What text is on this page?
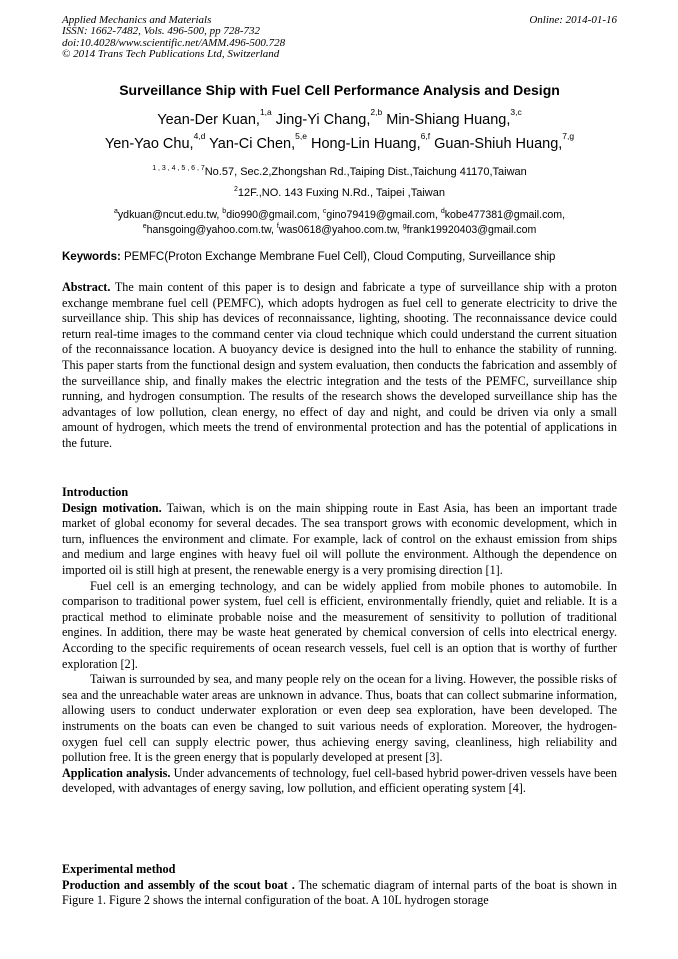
Applied Mechanics and Materials
ISSN: 1662-7482, Vols. 496-500, pp 728-732
doi:10.4028/www.scientific.net/AMM.496-500.728
© 2014 Trans Tech Publications Ltd, Switzerland
Online: 2014-01-16
Surveillance Ship with Fuel Cell Performance Analysis and Design
Yean-Der Kuan,$^{1,a}$ Jing-Yi Chang,$^{2,b}$ Min-Shiang Huang,$^{3,c}$
Yen-Yao Chu,$^{4,d}$ Yan-Ci Chen,$^{5,e}$ Hong-Lin Huang,$^{6,f}$ Guan-Shiuh Huang,$^{7,g}$
$^{1 , 3 , 4 , 5 , 6 , 7}$No.57, Sec.2,Zhongshan Rd.,Taiping Dist.,Taichung 41170,Taiwan
$^2$12F.,NO. 143 Fuxing N.Rd., Taipei ,Taiwan
$^a$ydkuan@ncut.edu.tw, $^b$dio990@gmail.com, $^c$gino79419@gmail.com, $^d$kobe477381@gmail.com,
$^e$hansgoing@yahoo.com.tw, $^f$was0618@yahoo.com.tw, $^g$frank19920403@gmail.com
Keywords: PEMFC(Proton Exchange Membrane Fuel Cell), Cloud Computing, Surveillance ship

Abstract. The main content of this paper is to design and fabricate a type of surveillance ship with a proton exchange membrane fuel cell (PEMFC), which adopts hydrogen as fuel cell to generate electricity to drive the surveillance ship. This ship has devices of reconnaissance, lighting, shooting. The reconnaissance device could return real-time images to the command center via cloud technique which could understand the current situation of the reconnaissance location. A buoyancy device is designed into the hull to enhance the stability of running. This paper starts from the functional design and system evaluation, then conducts the fabrication and assembly of the surveillance ship, and finally makes the electric integration and the tests of the PEMFC, surveillance ship running, and hydrogen consumption. The results of the research shows the developed surveillance ship has the advantages of low pollution, clean energy, no effect of day and night, and could be driven via only a small amount of hydrogen, which meets the trend of environmental protection and has the potential of applications in the future.

Introduction

Design motivation. Taiwan, which is on the main shipping route in East Asia, has been an important trade market of global economy for several decades. The sea transport grows with economic development, which in turn, influences the environment and climate. For example, lack of control on the exhaust emission from ships and medium and large engines with heavy fuel oil will pollute the environment. Although the dependence on imported oil is still high at present, the renewable energy is a very promising direction [1].

Fuel cell is an emerging technology, and can be widely applied from mobile phones to automobile. In comparison to traditional power system, fuel cell is efficient, environmentally friendly, quiet and reliable. It is a practical method to eliminate probable noise and the measurement of sensitivity to pollution of traditional engines. In addition, there may be waste heat generated by chemical conversion of cells into electrical energy. According to the specific requirements of ocean research vessels, fuel cell is an option that is worthy of further exploration [2].

Taiwan is surrounded by sea, and many people rely on the ocean for a living. However, the possible risks of sea and the unreachable water areas are unknown in advance. Thus, boats that can collect submarine information, allowing users to conduct underwater exploration or even deep sea exploration, have been developed. The instruments on the boats can even be changed to suit various needs of exploration. Moreover, the hydrogen-oxygen fuel cell can supply electric power, thus achieving energy saving, cleanliness, high reliability and pollution free. It is the green energy that is popularly developed at present [3].

Application analysis. Under advancements of technology, fuel cell-based hybrid power-driven vessels have been developed, with advantages of energy saving, low pollution, and efficient operating system [4].

Experimental method

Production and assembly of the scout boat . The schematic diagram of internal parts of the boat is shown in Figure 1. Figure 2 shows the internal configuration of the boat. A 10L hydrogen storage
